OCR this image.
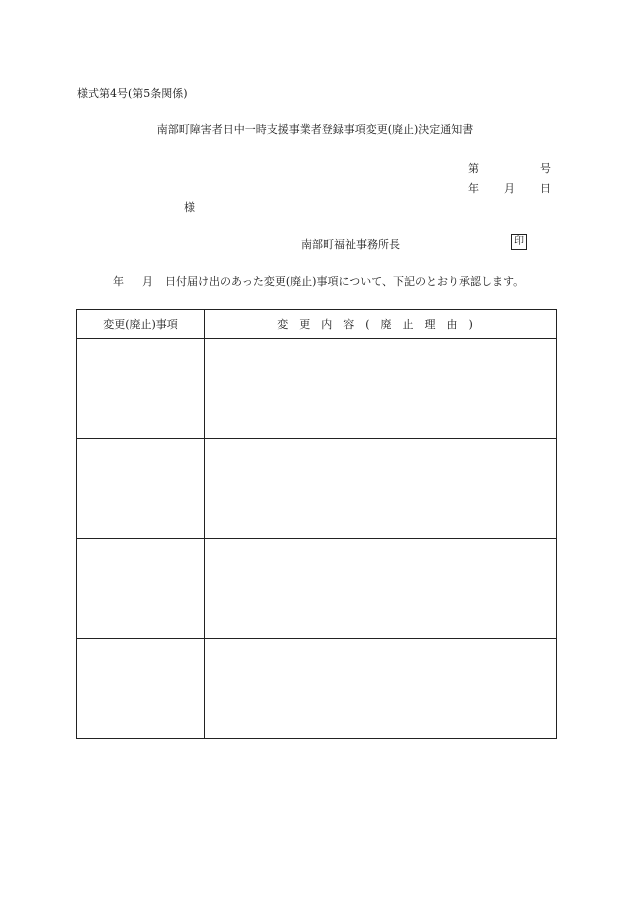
様式第4号(第5条関係)
南部町障害者日中一時支援事業者登録事項変更(廃止)決定通知書
第	号
年 月 日
様
南部町福祉事務所長	印
年 月 日付届け出のあった変更(廃止)事項について、下記のとおり承認します。
変更(廃止)事項	変更内容(廃止理由)
